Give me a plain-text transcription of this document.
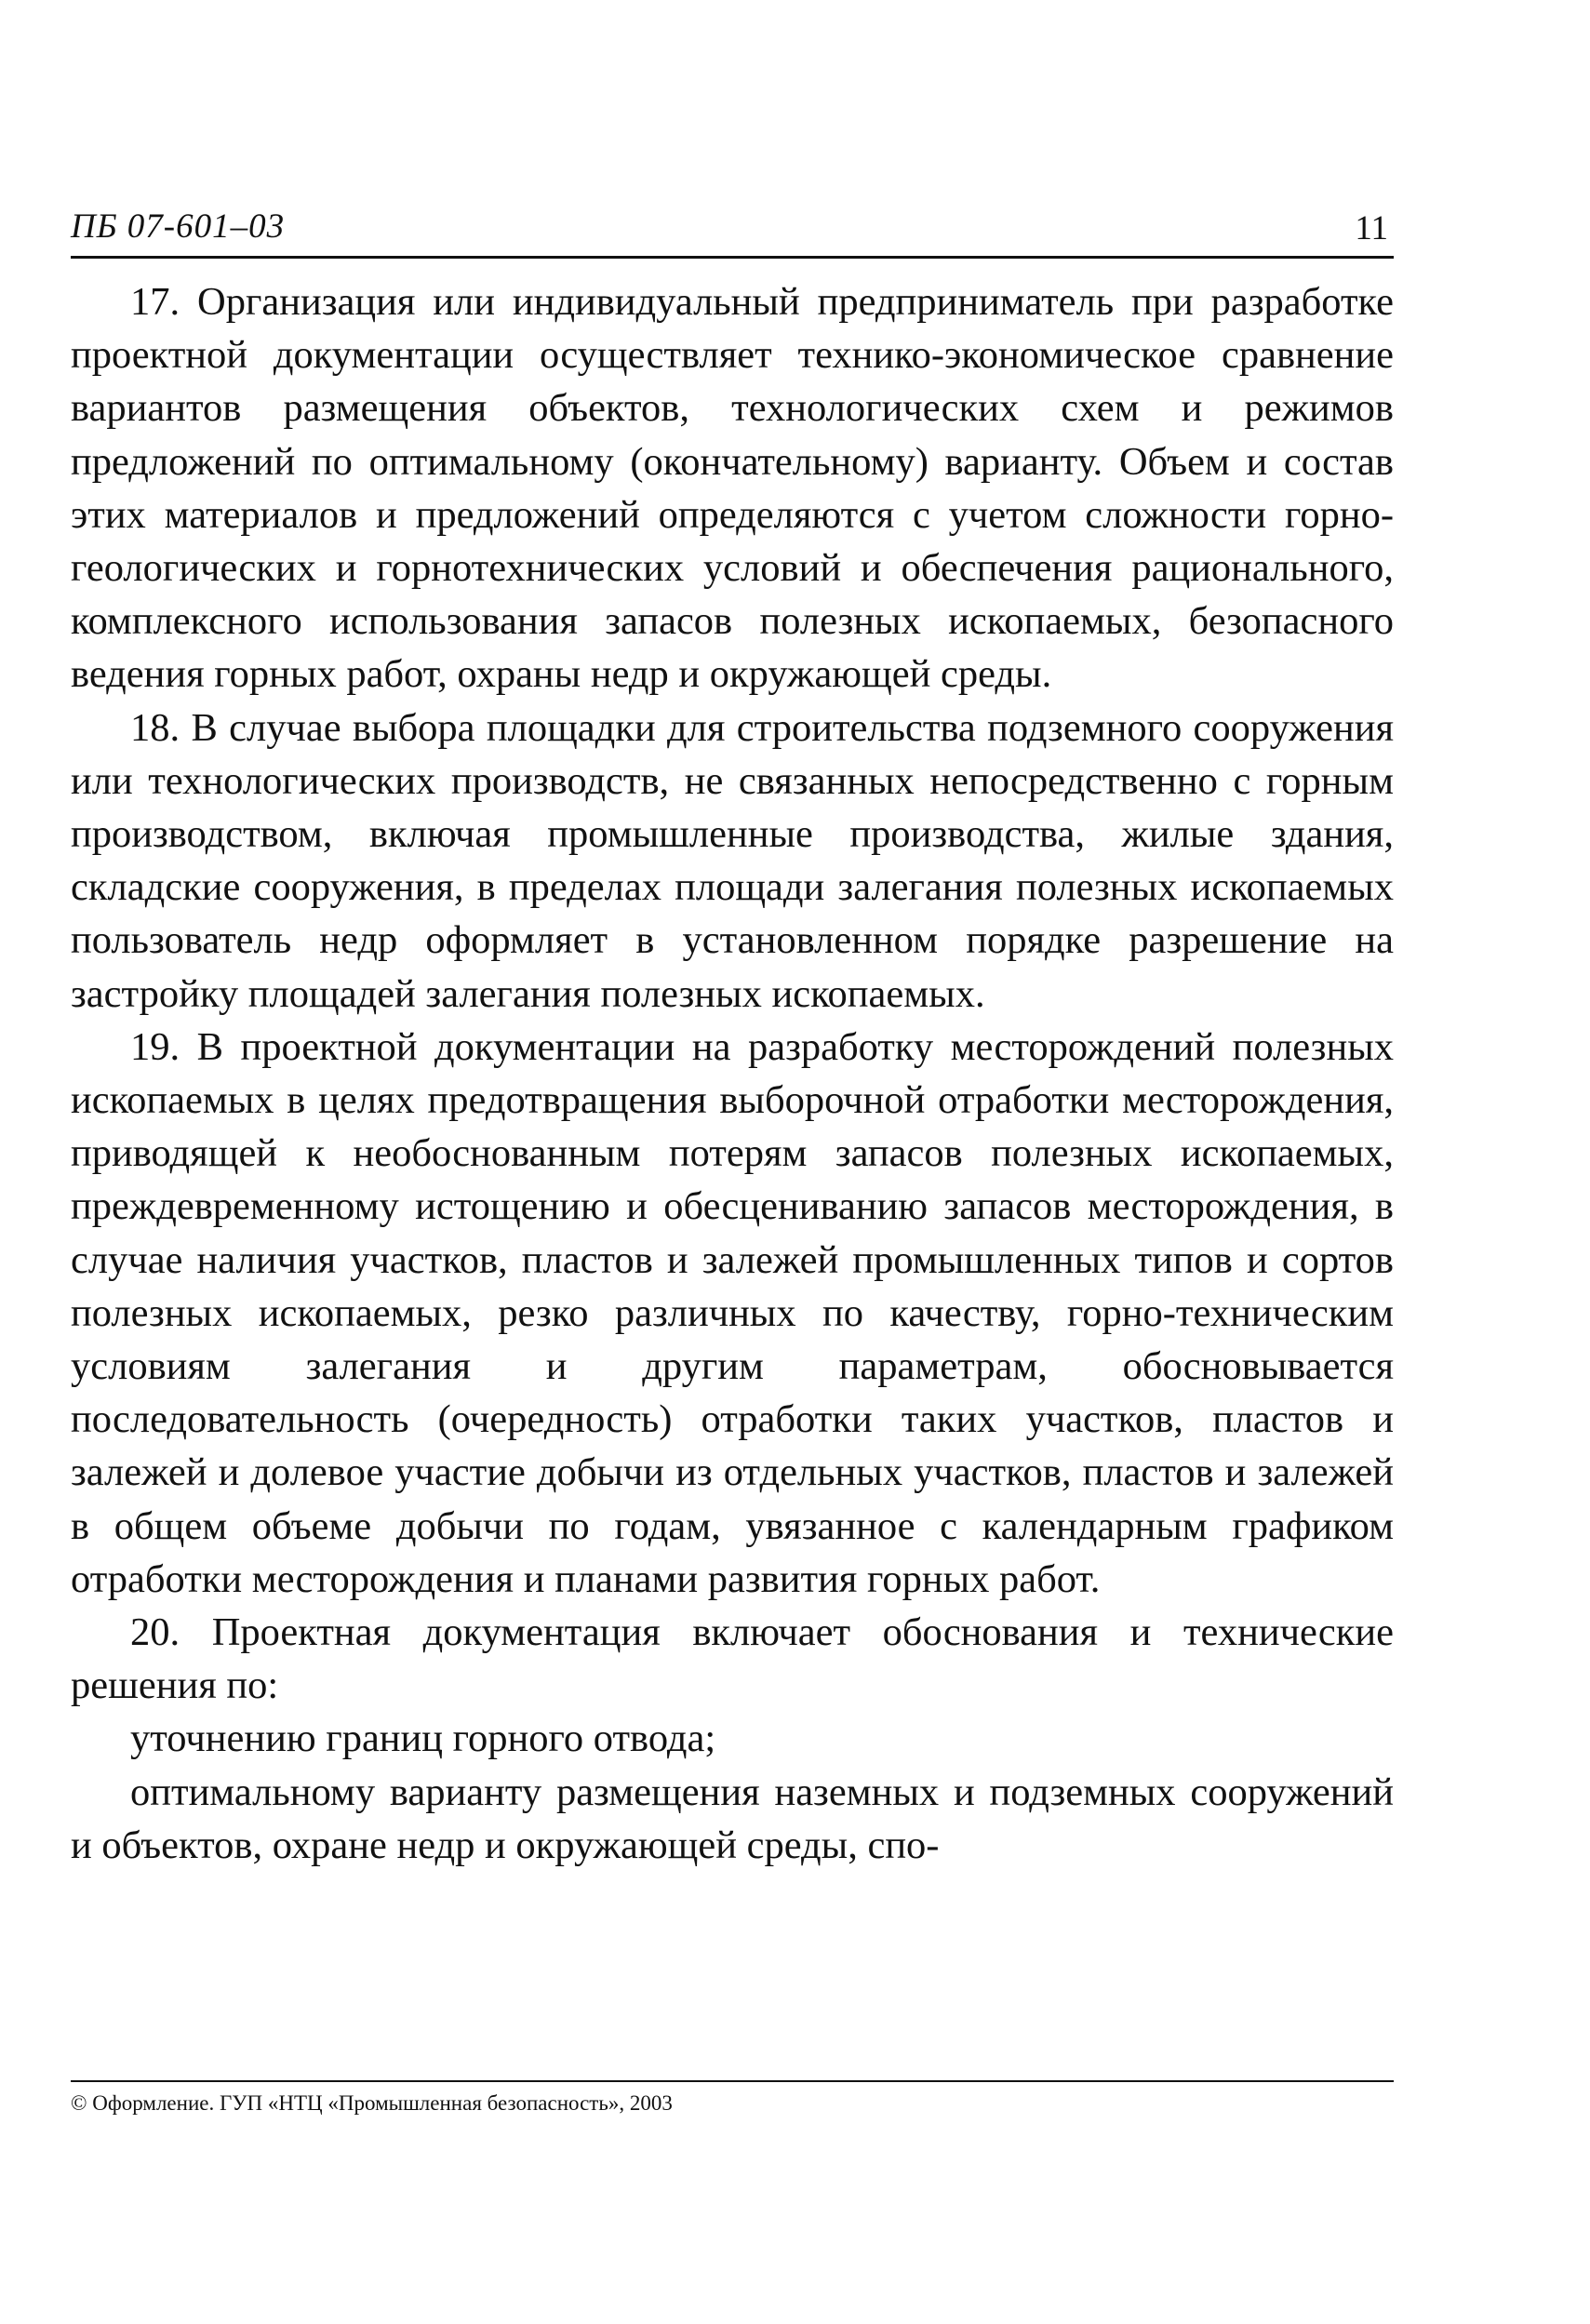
ПБ 07-601–03	11

17. Организация или индивидуальный предприниматель при разработке проектной документации осуществляет технико-экономическое сравнение вариантов размещения объектов, технологических схем и режимов предложений по оптимальному (окончательному) варианту. Объем и состав этих материалов и предложений определяются с учетом сложности горно-геологических и горнотехнических условий и обеспечения рационального, комплексного использования запасов полезных ископаемых, безопасного ведения горных работ, охраны недр и окружающей среды.

18. В случае выбора площадки для строительства подземного сооружения или технологических производств, не связанных непосредственно с горным производством, включая промышленные производства, жилые здания, складские сооружения, в пределах площади залегания полезных ископаемых пользователь недр оформляет в установленном порядке разрешение на застройку площадей залегания полезных ископаемых.

19. В проектной документации на разработку месторождений полезных ископаемых в целях предотвращения выборочной отработки месторождения, приводящей к необоснованным потерям запасов полезных ископаемых, преждевременному истощению и обесцениванию запасов месторождения, в случае наличия участков, пластов и залежей промышленных типов и сортов полезных ископаемых, резко различных по качеству, горно-техническим условиям залегания и другим параметрам, обосновывается последовательность (очередность) отработки таких участков, пластов и залежей и долевое участие добычи из отдельных участков, пластов и залежей в общем объеме добычи по годам, увязанное с календарным графиком отработки месторождения и планами развития горных работ.

20. Проектная документация включает обоснования и технические решения по:

уточнению границ горного отвода;

оптимальному варианту размещения наземных и подземных сооружений и объектов, охране недр и окружающей среды, спо-

© Оформление. ГУП «НТЦ «Промышленная безопасность», 2003
